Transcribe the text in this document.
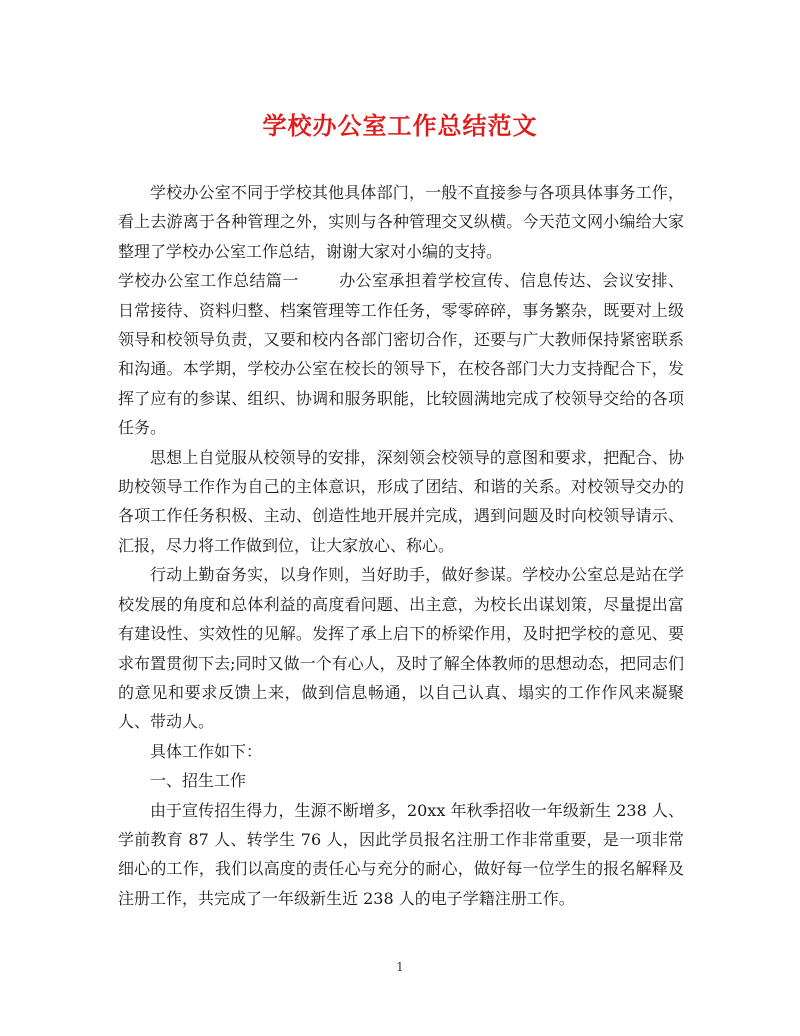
学校办公室工作总结范文

学校办公室不同于学校其他具体部门，一般不直接参与各项具体事务工作，看上去游离于各种管理之外，实则与各种管理交叉纵横。今天范文网小编给大家整理了学校办公室工作总结，谢谢大家对小编的支持。

学校办公室工作总结篇一	办公室承担着学校宣传、信息传达、会议安排、日常接待、资料归整、档案管理等工作任务，零零碎碎，事务繁杂，既要对上级领导和校领导负责，又要和校内各部门密切合作，还要与广大教师保持紧密联系和沟通。本学期，学校办公室在校长的领导下，在校各部门大力支持配合下，发挥了应有的参谋、组织、协调和服务职能，比较圆满地完成了校领导交给的各项任务。

思想上自觉服从校领导的安排，深刻领会校领导的意图和要求，把配合、协助校领导工作作为自己的主体意识，形成了团结、和谐的关系。对校领导交办的各项工作任务积极、主动、创造性地开展并完成，遇到问题及时向校领导请示、汇报，尽力将工作做到位，让大家放心、称心。

行动上勤奋务实，以身作则，当好助手，做好参谋。学校办公室总是站在学校发展的角度和总体利益的高度看问题、出主意，为校长出谋划策，尽量提出富有建设性、实效性的见解。发挥了承上启下的桥梁作用，及时把学校的意见、要求布置贯彻下去;同时又做一个有心人，及时了解全体教师的思想动态，把同志们的意见和要求反馈上来，做到信息畅通，以自己认真、塌实的工作作风来凝聚人、带动人。

具体工作如下：

一、招生工作

由于宣传招生得力，生源不断增多，20xx 年秋季招收一年级新生 238 人、学前教育 87 人、转学生 76 人，因此学员报名注册工作非常重要，是一项非常细心的工作，我们以高度的责任心与充分的耐心，做好每一位学生的报名解释及注册工作，共完成了一年级新生近 238 人的电子学籍注册工作。

1
